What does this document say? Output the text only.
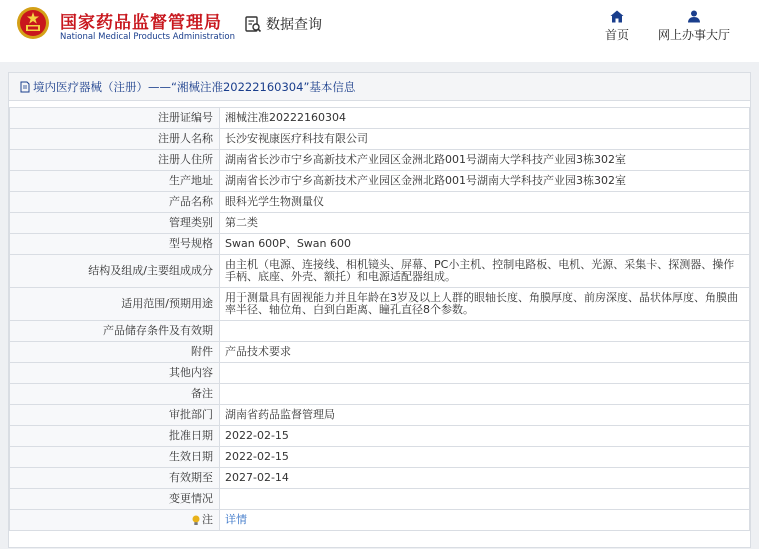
国家药品监督管理局
National Medical Products Administration
数据查询
首页 网上办事大厅
境内医疗器械（注册）——“湘械注准20222160304”基本信息
注册证编号	湘械注准20222160304
注册人名称	长沙安视康医疗科技有限公司
注册人住所	湖南省长沙市宁乡高新技术产业园区金洲北路001号湖南大学科技产业园3栋302室
生产地址	湖南省长沙市宁乡高新技术产业园区金洲北路001号湖南大学科技产业园3栋302室
产品名称	眼科光学生物测量仪
管理类别	第二类
型号规格	Swan 600P、Swan 600
结构及组成/主要组成成分	由主机（电源、连接线、相机镜头、屏幕、PC小主机、控制电路板、电机、光源、采集卡、探测器、操作手柄、底座、外壳、额托）和电源适配器组成。
适用范围/预期用途	用于测量具有固视能力并且年龄在3岁及以上人群的眼轴长度、角膜厚度、前房深度、晶状体厚度、角膜曲率半径、轴位角、白到白距离、瞳孔直径8个参数。
产品储存条件及有效期	
附件	产品技术要求
其他内容	
备注	
审批部门	湖南省药品监督管理局
批准日期	2022-02-15
生效日期	2022-02-15
有效期至	2027-02-14
变更情况	
注	详情
